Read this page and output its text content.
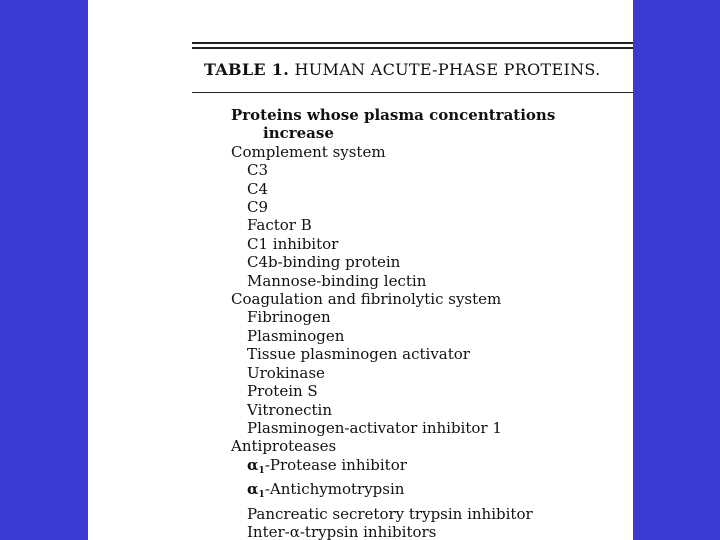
TABLE 1. HUMAN ACUTE-PHASE PROTEINS.
Proteins whose plasma concentrations
increase
Complement system
C3
C4
C9
Factor B
C1 inhibitor
C4b-binding protein
Mannose-binding lectin
Coagulation and fibrinolytic system
Fibrinogen
Plasminogen
Tissue plasminogen activator
Urokinase
Protein S
Vitronectin
Plasminogen-activator inhibitor 1
Antiproteases
$\alpha_1$-Protease inhibitor
$\alpha_1$-Antichymotrypsin
Pancreatic secretory trypsin inhibitor
Inter-α-trypsin inhibitors
